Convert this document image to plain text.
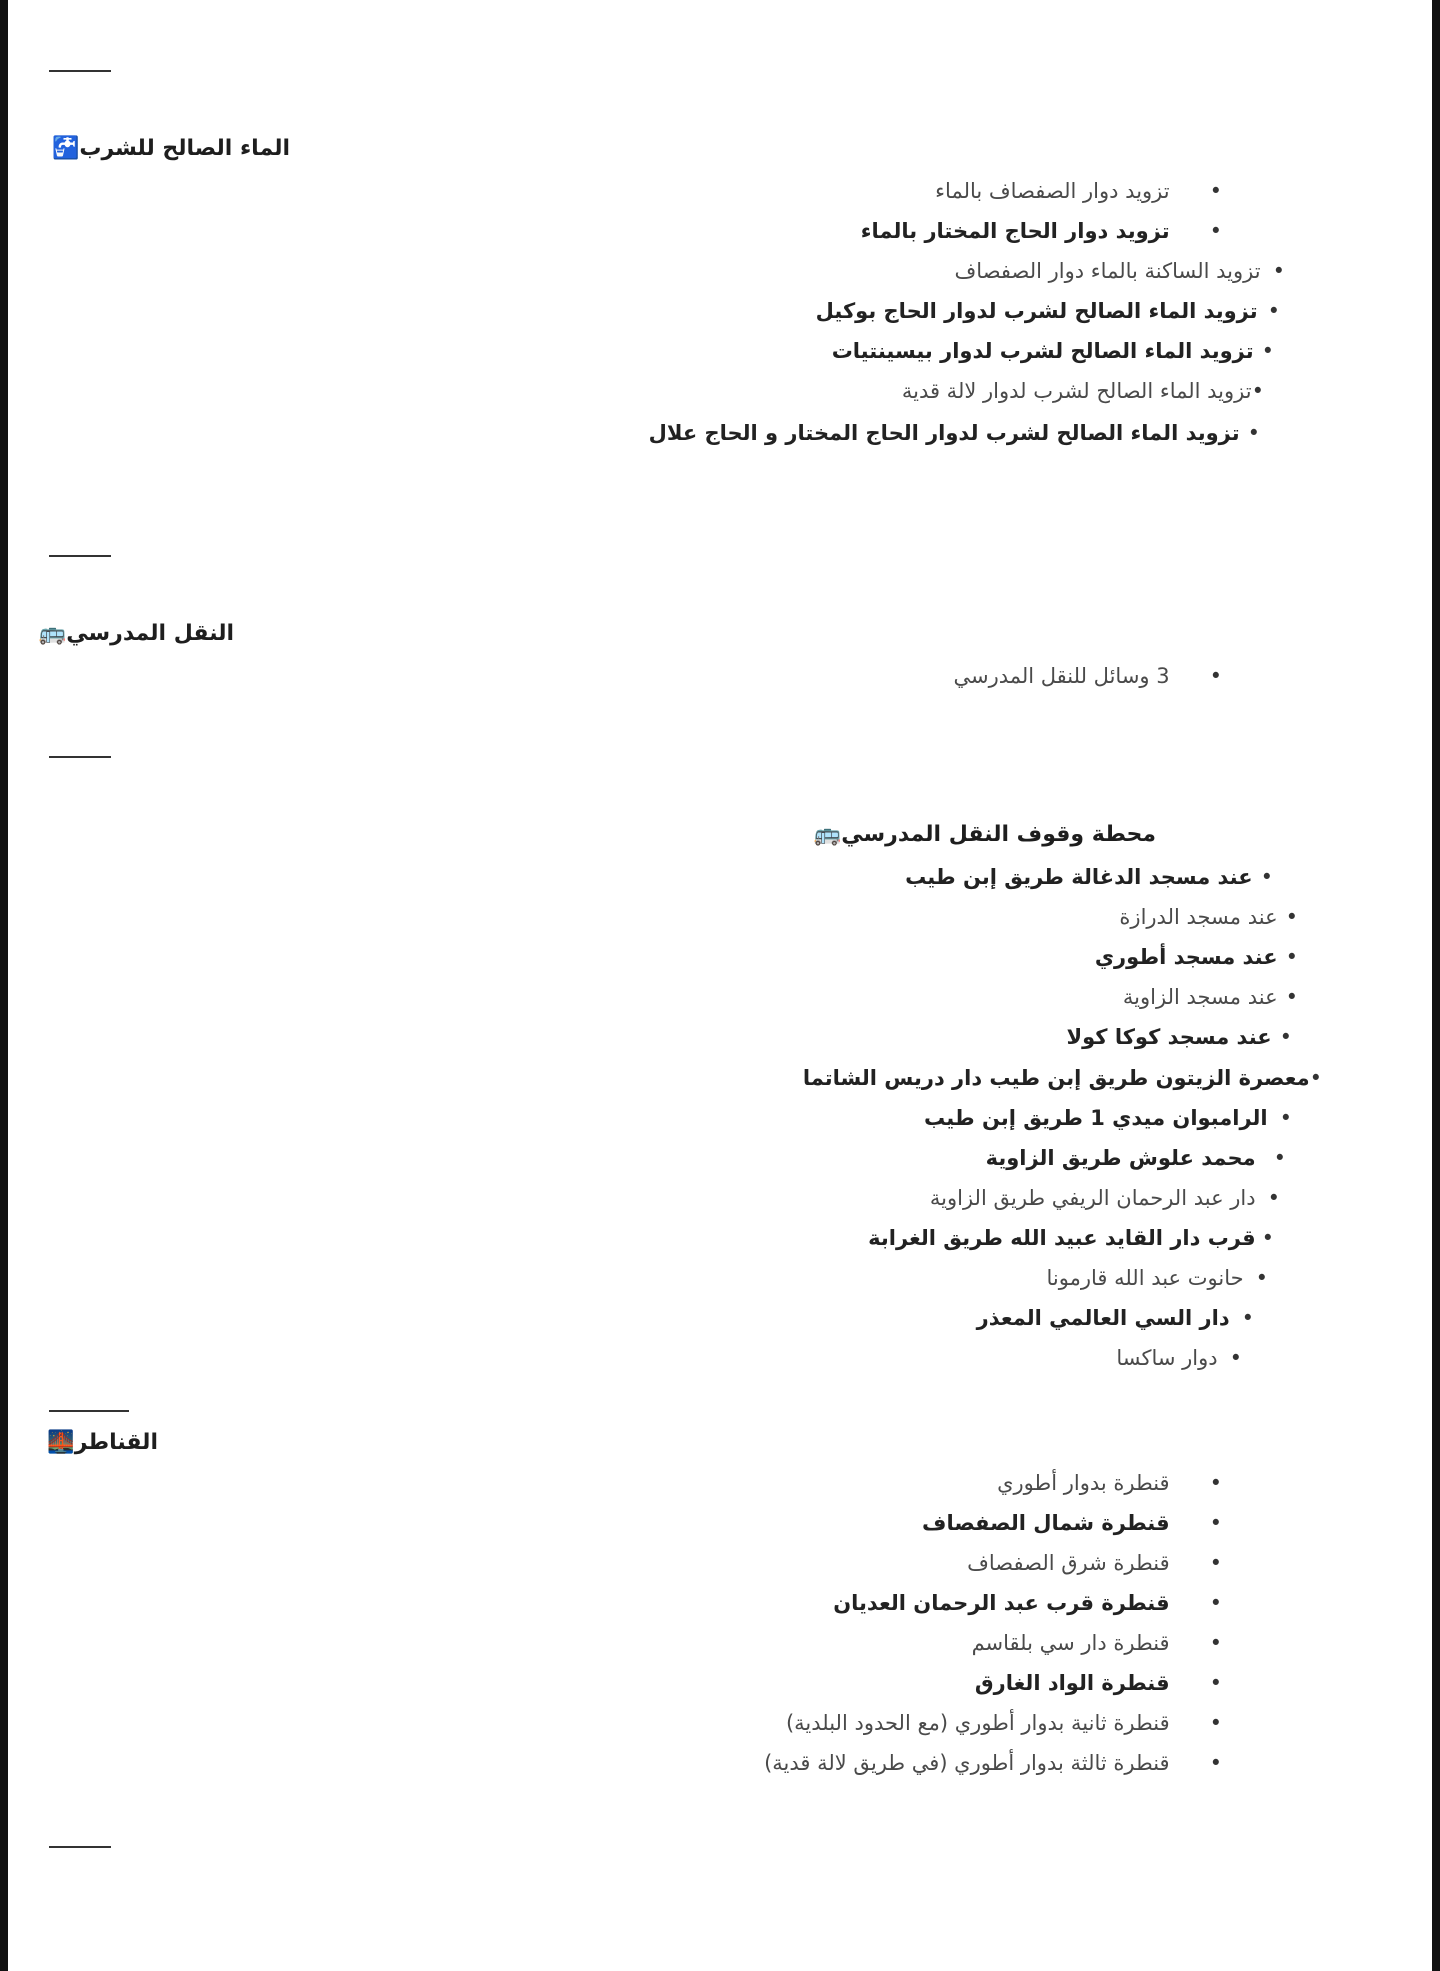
الماء الصالح للشرب🚰
•تزويد دوار الصفصاف بالماء
•تزويد دوار الحاج المختار بالماء
•تزويد الساكنة بالماء دوار الصفصاف
•تزويد الماء الصالح لشرب لدوار الحاج بوكيل
•تزويد الماء الصالح لشرب لدوار بيسينتيات
•تزويد الماء الصالح لشرب لدوار لالة قدية
•تزويد الماء الصالح لشرب لدوار الحاج المختار و الحاج علال
النقل المدرسي🚌
•3 وسائل للنقل المدرسي
محطة وقوف النقل المدرسي🚌
•عند مسجد الدغالة طريق إبن طيب
•عند مسجد الدرازة
•عند مسجد أطوري
•عند مسجد الزاوية
•عند مسجد كوكا كولا
•معصرة الزيتون طريق إبن طيب دار دريس الشاتما
•الرامبوان ميدي 1 طريق إبن طيب
•محمد علوش طريق الزاوية
•دار عبد الرحمان الريفي طريق الزاوية
•قرب دار القايد عبيد الله طريق الغرابة
•حانوت عبد الله قارمونا
•دار السي العالمي المعذر
•دوار ساكسا
القناطر🌉
•قنطرة بدوار أطوري
•قنطرة شمال الصفصاف
•قنطرة شرق الصفصاف
•قنطرة قرب عبد الرحمان العديان
•قنطرة دار سي بلقاسم
•قنطرة الواد الغارق
•قنطرة ثانية بدوار أطوري (مع الحدود البلدية)
•قنطرة ثالثة بدوار أطوري (في طريق لالة قدية)
